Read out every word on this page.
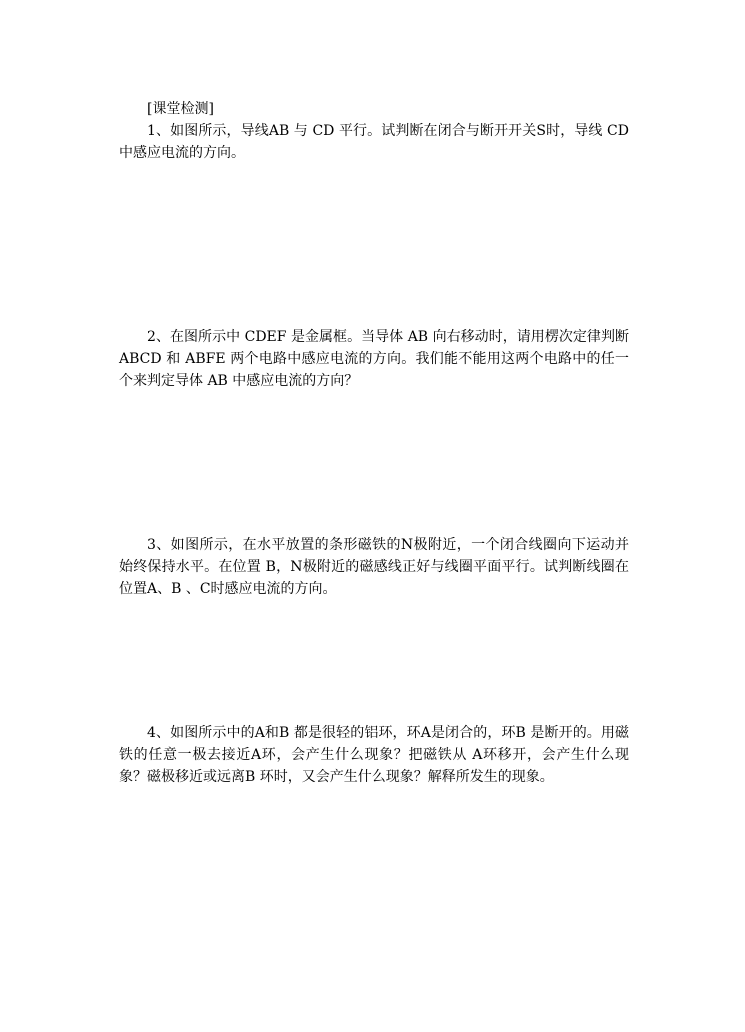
[课堂检测]

1、如图所示，导线AB 与 CD 平行。试判断在闭合与断开开关S时，导线 CD中感应电流的方向。

2、在图所示中 CDEF 是金属框。当导体 AB 向右移动时，请用楞次定律判断ABCD 和 ABFE 两个电路中感应电流的方向。我们能不能用这两个电路中的任一个来判定导体 AB 中感应电流的方向？

3、如图所示，在水平放置的条形磁铁的N极附近，一个闭合线圈向下运动并始终保持水平。在位置 B，N极附近的磁感线正好与线圈平面平行。试判断线圈在位置A、B 、C时感应电流的方向。

4、如图所示中的A和B 都是很轻的铝环，环A是闭合的，环B 是断开的。用磁铁的任意一极去接近A环，会产生什么现象？把磁铁从 A环移开，会产生什么现象？磁极移近或远离B 环时，又会产生什么现象？解释所发生的现象。
